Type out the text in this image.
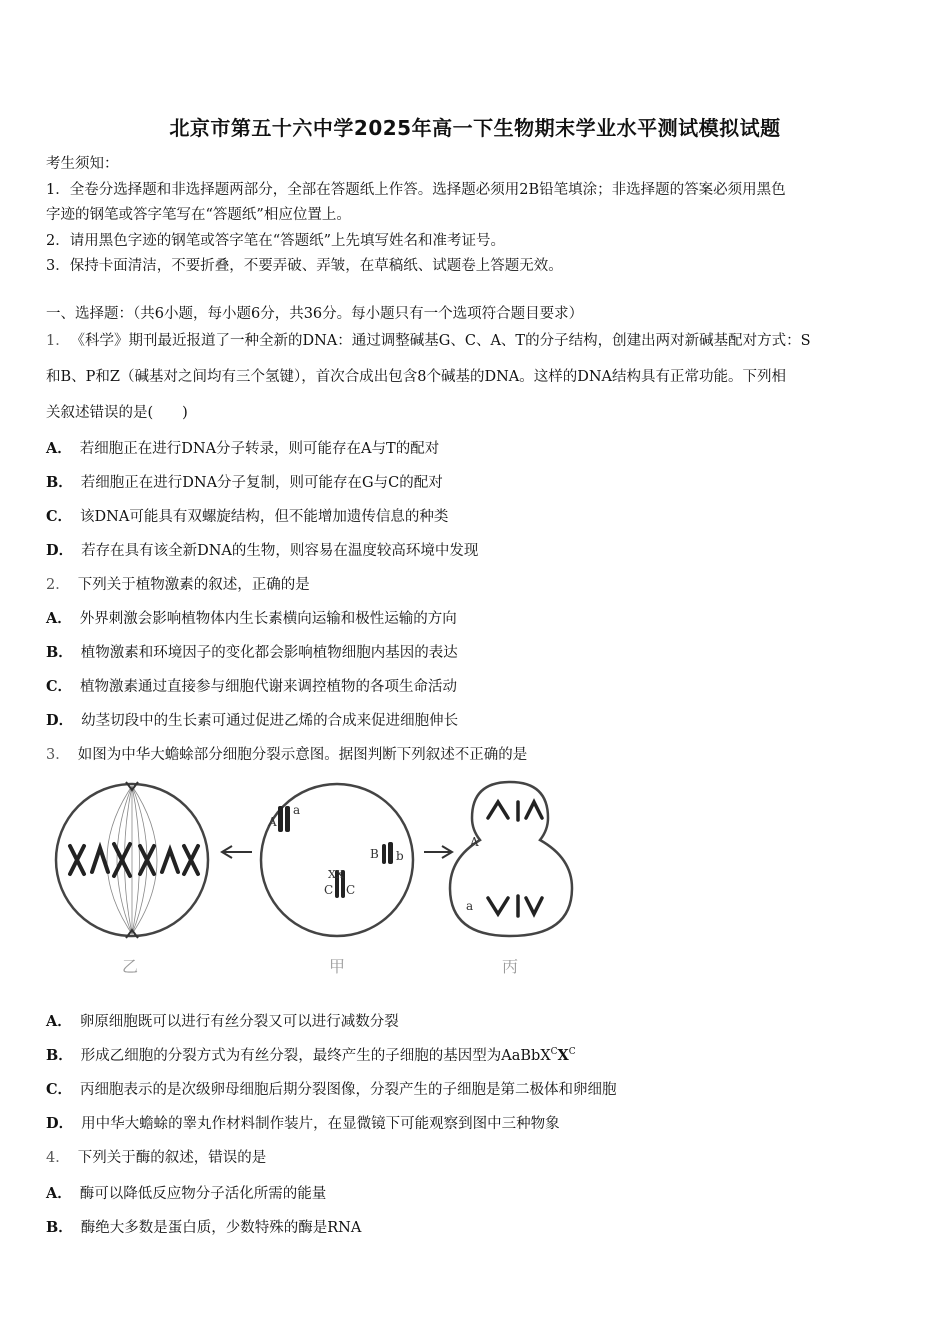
北京市第五十六中学2025年高一下生物期末学业水平测试模拟试题
考生须知：
1．全卷分选择题和非选择题两部分，全部在答题纸上作答。选择题必须用2B铅笔填涂；非选择题的答案必须用黑色
字迹的钢笔或答字笔写在“答题纸”相应位置上。
2．请用黑色字迹的钢笔或答字笔在“答题纸”上先填写姓名和准考证号。
3．保持卡面清洁，不要折叠，不要弄破、弄皱，在草稿纸、试题卷上答题无效。
一、选择题：（共6小题，每小题6分，共36分。每小题只有一个选项符合题目要求）
1． 《科学》期刊最近报道了一种全新的DNA：通过调整碱基G、C、A、T的分子结构，创建出两对新碱基配对方式：S
和B、P和Z（碱基对之间均有三个氢键），首次合成出包含8个碱基的DNA。这样的DNA结构具有正常功能。下列相
关叙述错误的是(　　)
A． 若细胞正在进行DNA分子转录，则可能存在A与T的配对
B． 若细胞正在进行DNA分子复制，则可能存在G与C的配对
C． 该DNA可能具有双螺旋结构，但不能增加遗传信息的种类
D． 若存在具有该全新DNA的生物，则容易在温度较高环境中发现
2． 下列关于植物激素的叙述，正确的是
A． 外界刺激会影响植物体内生长素横向运输和极性运输的方向
B． 植物激素和环境因子的变化都会影响植物细胞内基因的表达
C． 植物激素通过直接参与细胞代谢来调控植物的各项生命活动
D． 幼茎切段中的生长素可通过促进乙烯的合成来促进细胞伸长
3． 如图为中华大蟾蜍部分细胞分裂示意图。据图判断下列叙述不正确的是
乙
a
A
B b
XX
C C
甲
A
a
丙
A． 卵原细胞既可以进行有丝分裂又可以进行减数分裂
B． 形成乙细胞的分裂方式为有丝分裂，最终产生的子细胞的基因型为$AaBbX^CX^C$
C． 丙细胞表示的是次级卵母细胞后期分裂图像，分裂产生的子细胞是第二极体和卵细胞
D． 用中华大蟾蜍的睾丸作材料制作装片，在显微镜下可能观察到图中三种物象
4． 下列关于酶的叙述，错误的是
A． 酶可以降低反应物分子活化所需的能量
B． 酶绝大多数是蛋白质，少数特殊的酶是RNA
